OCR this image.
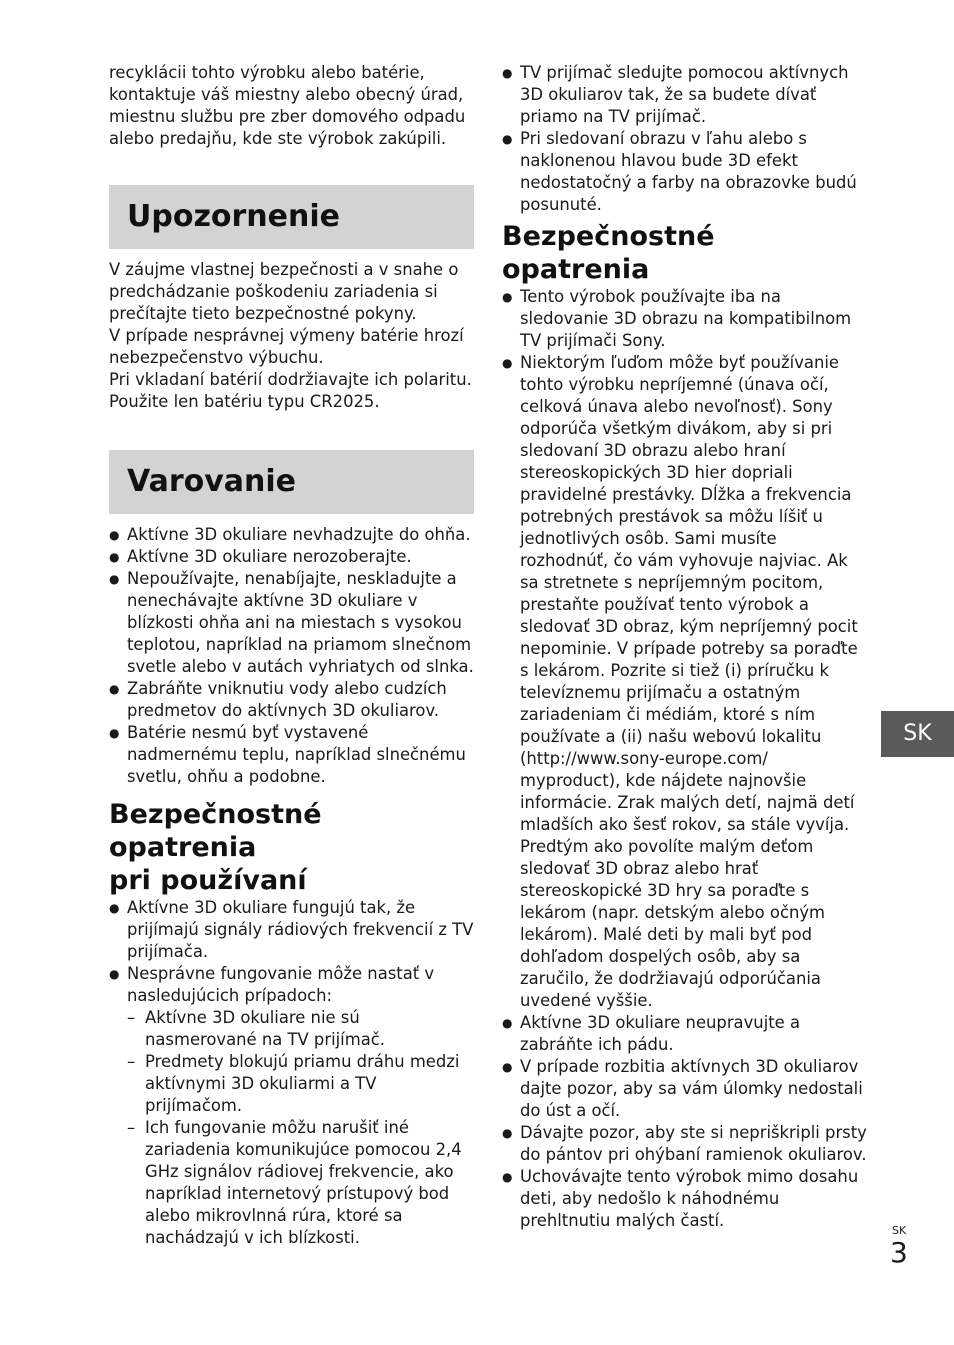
recyklácii tohto výrobku alebo batérie, kontaktuje váš miestny alebo obecný úrad, miestnu službu pre zber domového odpadu alebo predajňu, kde ste výrobok zakúpili.

Upozornenie

V záujme vlastnej bezpečnosti a v snahe o predchádzanie poškodeniu zariadenia si prečítajte tieto bezpečnostné pokyny.

V prípade nesprávnej výmeny batérie hrozí nebezpečenstvo výbuchu.

Pri vkladaní batérií dodržiavajte ich polaritu. Použite len batériu typu CR2025.

Varovanie
● Aktívne 3D okuliare nevhadzujte do ohňa.
● Aktívne 3D okuliare nerozoberajte.
● Nepoužívajte, nenabíjajte, neskladujte a nenechávajte aktívne 3D okuliare v blízkosti ohňa ani na miestach s vysokou teplotou, napríklad na priamom slnečnom svetle alebo v autách vyhriatych od slnka.
● Zabráňte vniknutiu vody alebo cudzích predmetov do aktívnych 3D okuliarov.
● Batérie nesmú byť vystavené nadmernému teplu, napríklad slnečnému svetlu, ohňu a podobne.
Bezpečnostné opatrenia
pri používaní
● Aktívne 3D okuliare fungujú tak, že prijímajú signály rádiových frekvencií z TV prijímača.
● Nesprávne fungovanie môže nastať v nasledujúcich prípadoch:
– Aktívne 3D okuliare nie sú nasmerované na TV prijímač.
– Predmety blokujú priamu dráhu medzi aktívnymi 3D okuliarmi a TV prijímačom.
– Ich fungovanie môžu narušiť iné zariadenia komunikujúce pomocou 2,4 GHz signálov rádiovej frekvencie, ako napríklad internetový prístupový bod alebo mikrovlnná rúra, ktoré sa nachádzajú v ich blízkosti.
● TV prijímač sledujte pomocou aktívnych 3D okuliarov tak, že sa budete dívať priamo na TV prijímač.
● Pri sledovaní obrazu v ľahu alebo s naklonenou hlavou bude 3D efekt nedostatočný a farby na obrazovke budú posunuté.
Bezpečnostné opatrenia
● Tento výrobok používajte iba na sledovanie 3D obrazu na kompatibilnom TV prijímači Sony.
● Niektorým ľuďom môže byť používanie tohto výrobku nepríjemné (únava očí, celková únava alebo nevoľnosť). Sony odporúča všetkým divákom, aby si pri sledovaní 3D obrazu alebo hraní stereoskopických 3D hier dopriali pravidelné prestávky. Dĺžka a frekvencia potrebných prestávok sa môžu líšiť u jednotlivých osôb. Sami musíte rozhodnúť, čo vám vyhovuje najviac. Ak sa stretnete s nepríjemným pocitom, prestaňte používať tento výrobok a sledovať 3D obraz, kým nepríjemný pocit nepominie. V prípade potreby sa poraďte s lekárom. Pozrite si tiež (i) príručku k televíznemu prijímaču a ostatným zariadeniam či médiám, ktoré s ním používate a (ii) našu webovú lokalitu (http://www.sony-europe.com/ myproduct), kde nájdete najnovšie informácie. Zrak malých detí, najmä detí mladších ako šesť rokov, sa stále vyvíja. Predtým ako povolíte malým deťom sledovať 3D obraz alebo hrať stereoskopické 3D hry sa poraďte s lekárom (napr. detským alebo očným lekárom). Malé deti by mali byť pod dohľadom dospelých osôb, aby sa zaručilo, že dodržiavajú odporúčania uvedené vyššie.
● Aktívne 3D okuliare neupravujte a zabráňte ich pádu.
● V prípade rozbitia aktívnych 3D okuliarov dajte pozor, aby sa vám úlomky nedostali do úst a očí.
● Dávajte pozor, aby ste si nepriškripli prsty do pántov pri ohýbaní ramienok okuliarov.
● Uchovávajte tento výrobok mimo dosahu deti, aby nedošlo k náhodnému prehltnutiu malých častí.
SK
SK
3
